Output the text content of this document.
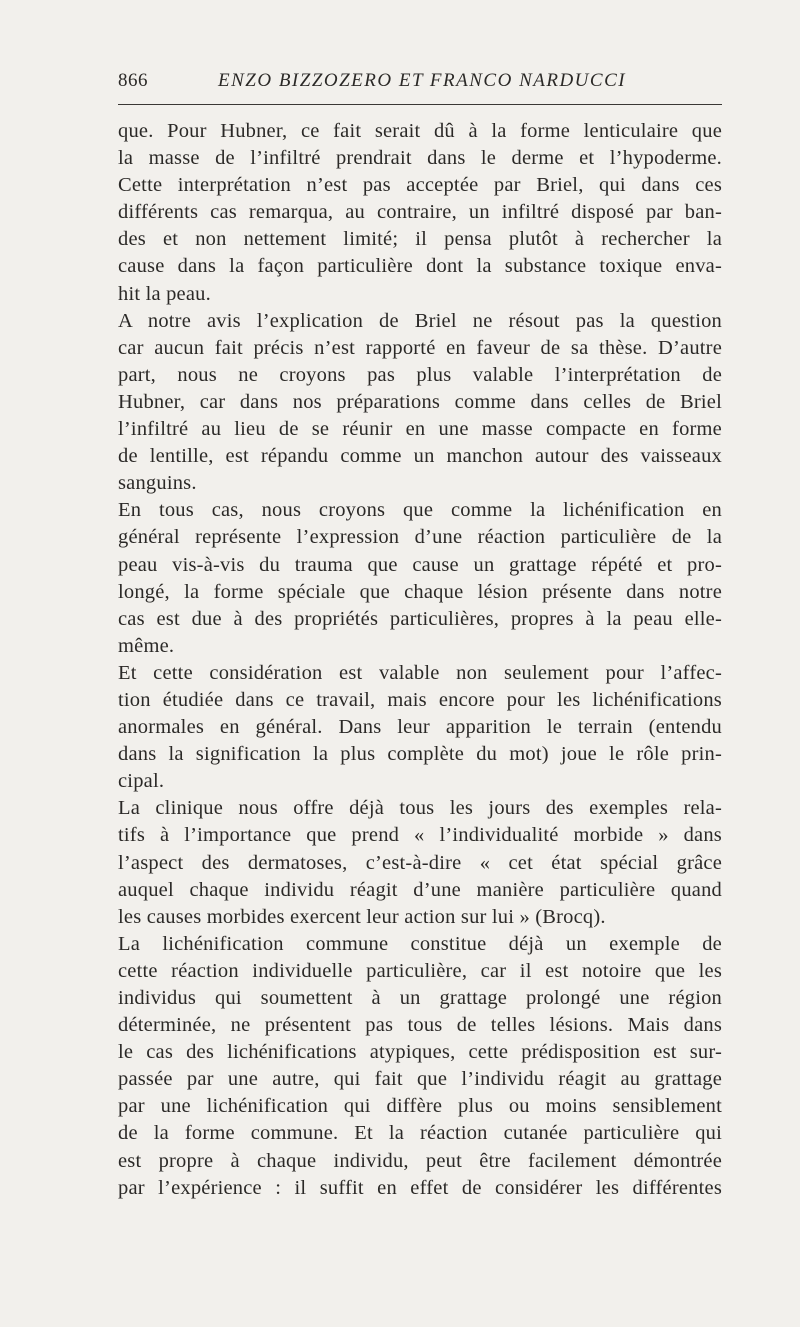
866	ENZO BIZZOZERO ET FRANCO NARDUCCI
que. Pour Hubner, ce fait serait dû à la forme lenticulaire que
la masse de l’infiltré prendrait dans le derme et l’hypoderme.
Cette interprétation n’est pas acceptée par Briel, qui dans ces
différents cas remarqua, au contraire, un infiltré disposé par ban-
des et non nettement limité; il pensa plutôt à rechercher la
cause dans la façon particulière dont la substance toxique enva-
hit la peau.
A notre avis l’explication de Briel ne résout pas la question
car aucun fait précis n’est rapporté en faveur de sa thèse. D’autre
part, nous ne croyons pas plus valable l’interprétation de
Hubner, car dans nos préparations comme dans celles de Briel
l’infiltré au lieu de se réunir en une masse compacte en forme
de lentille, est répandu comme un manchon autour des vaisseaux
sanguins.
En tous cas, nous croyons que comme la lichénification en
général représente l’expression d’une réaction particulière de la
peau vis-à-vis du trauma que cause un grattage répété et pro-
longé, la forme spéciale que chaque lésion présente dans notre
cas est due à des propriétés particulières, propres à la peau elle-
même.
Et cette considération est valable non seulement pour l’affec-
tion étudiée dans ce travail, mais encore pour les lichénifications
anormales en général. Dans leur apparition le terrain (entendu
dans la signification la plus complète du mot) joue le rôle prin-
cipal.
La clinique nous offre déjà tous les jours des exemples rela-
tifs à l’importance que prend « l’individualité morbide » dans
l’aspect des dermatoses, c’est-à-dire « cet état spécial grâce
auquel chaque individu réagit d’une manière particulière quand
les causes morbides exercent leur action sur lui » (Brocq).
La lichénification commune constitue déjà un exemple de
cette réaction individuelle particulière, car il est notoire que les
individus qui soumettent à un grattage prolongé une région
déterminée, ne présentent pas tous de telles lésions. Mais dans
le cas des lichénifications atypiques, cette prédisposition est sur-
passée par une autre, qui fait que l’individu réagit au grattage
par une lichénification qui diffère plus ou moins sensiblement
de la forme commune. Et la réaction cutanée particulière qui
est propre à chaque individu, peut être facilement démontrée
par l’expérience : il suffit en effet de considérer les différentes
